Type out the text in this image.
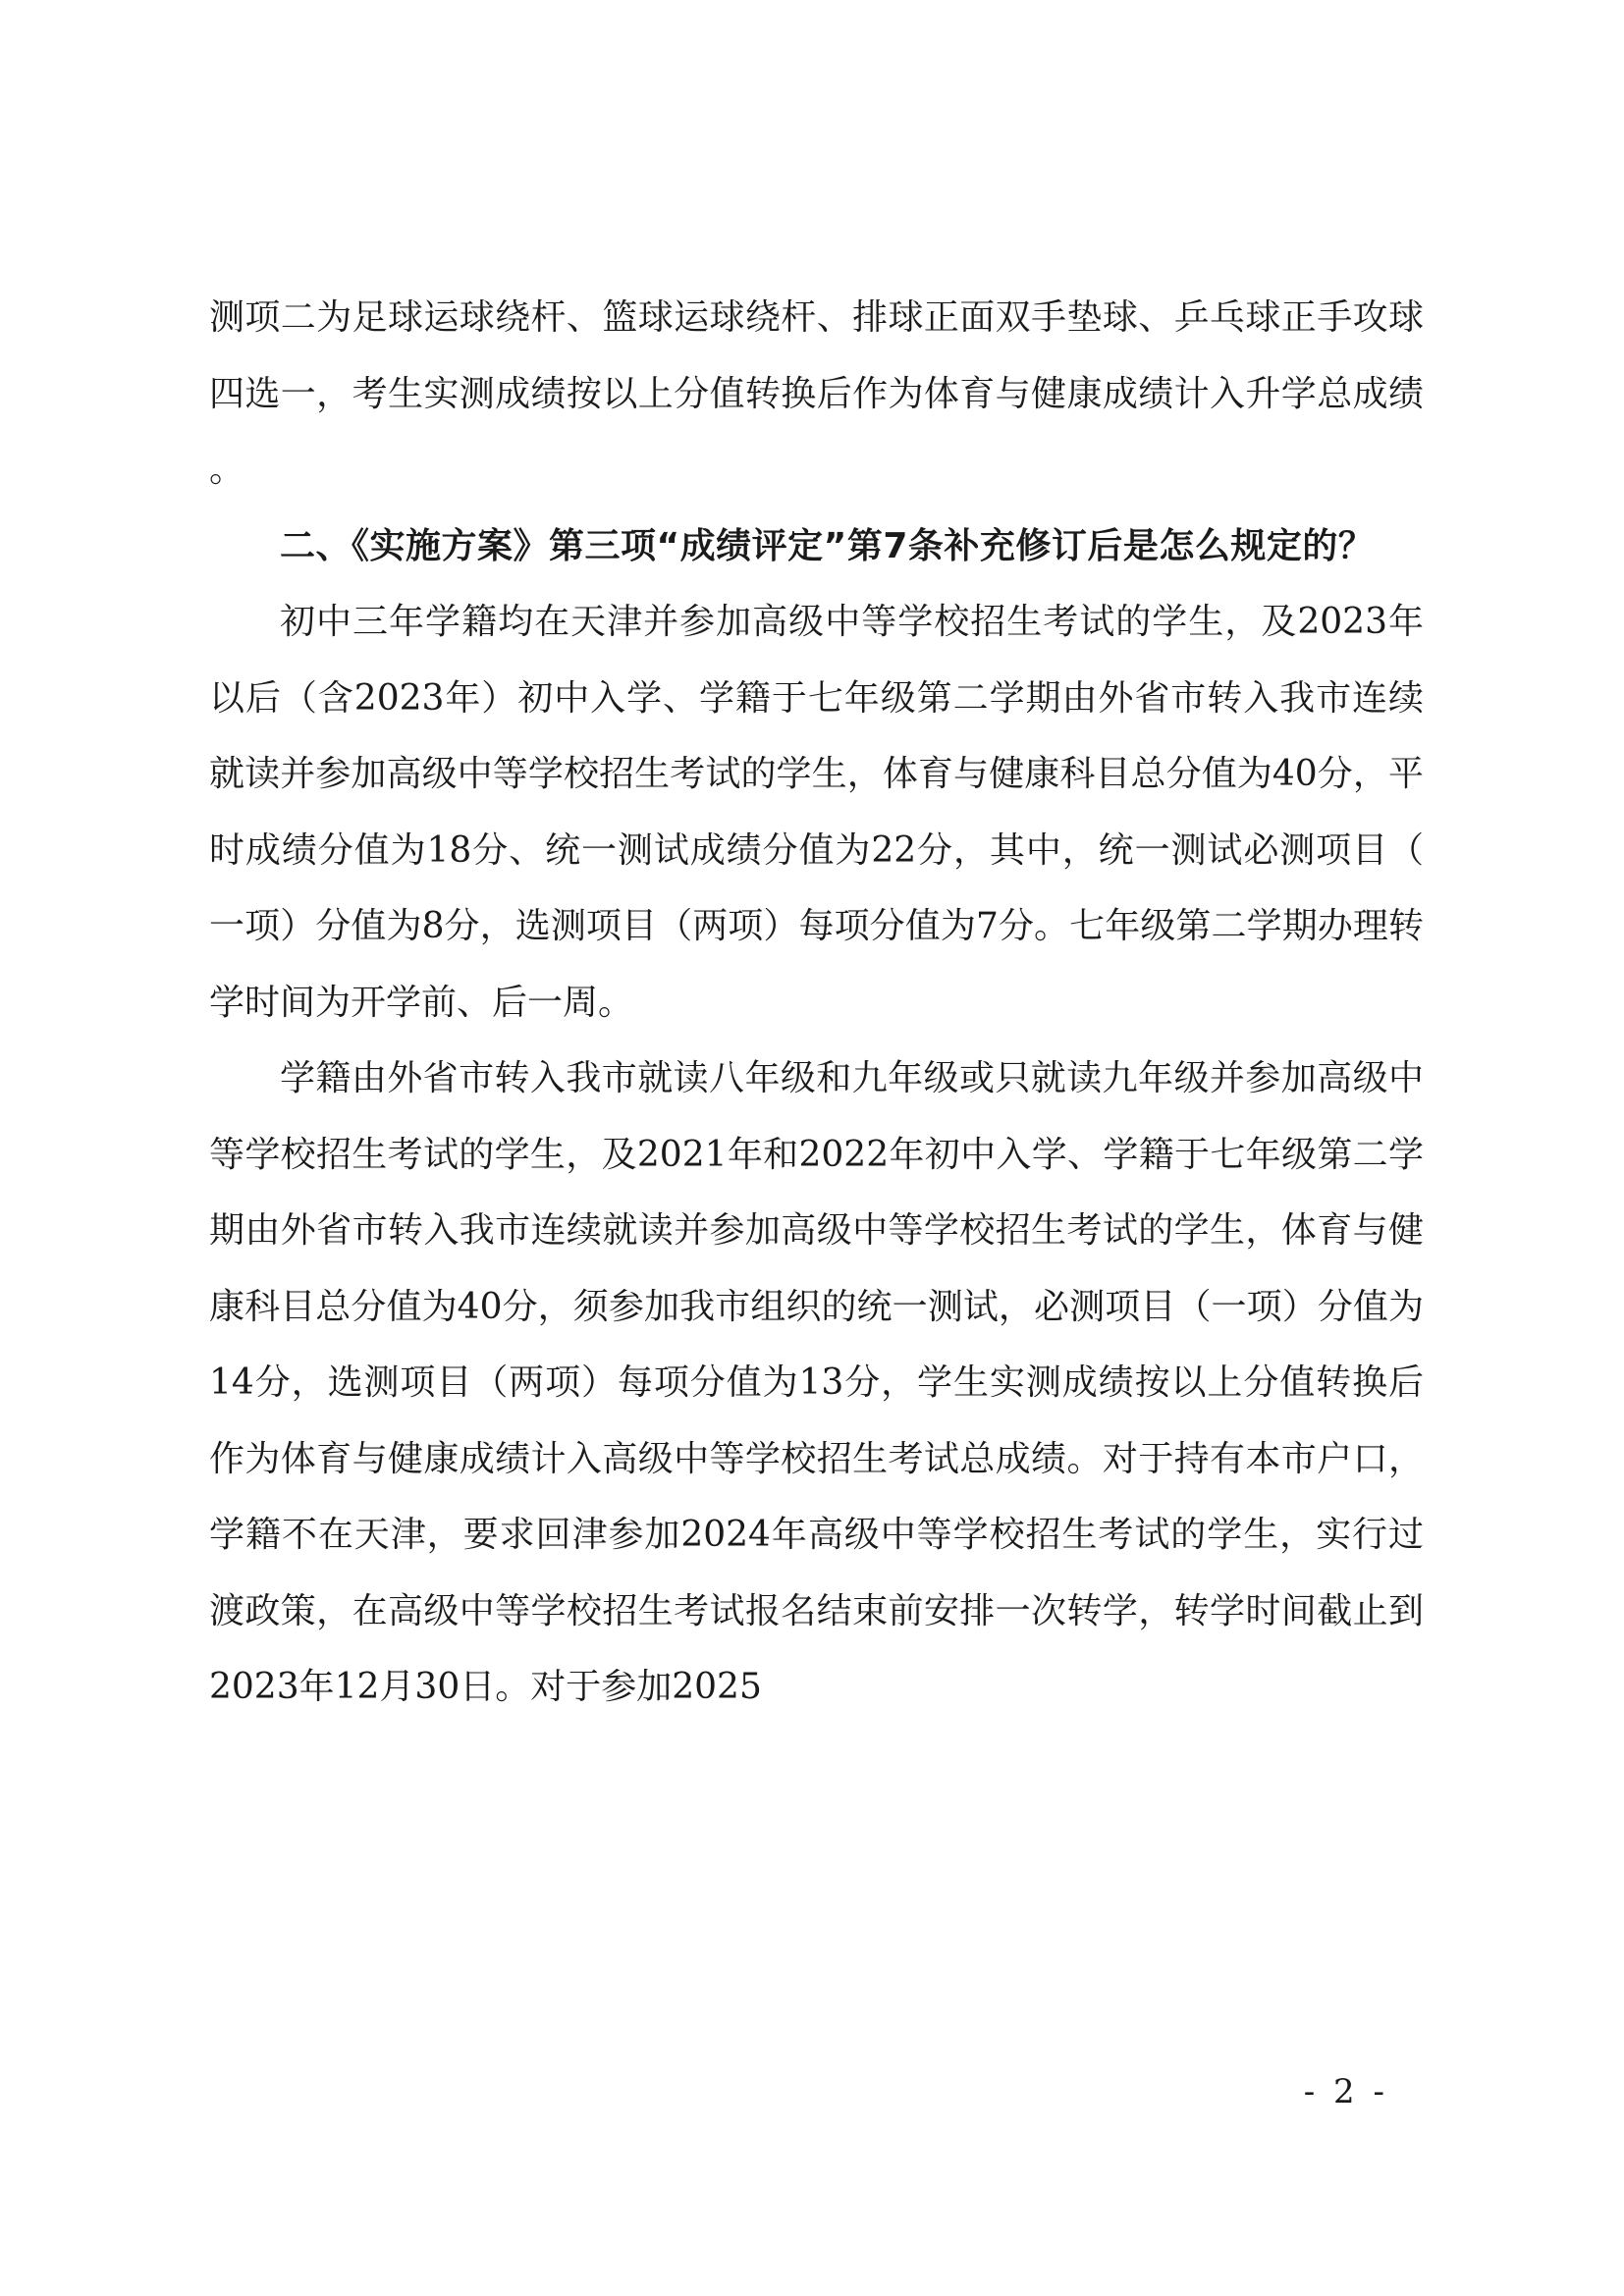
测项二为足球运球绕杆、篮球运球绕杆、排球正面双手垫球、乒乓球正手攻球四选一，考生实测成绩按以上分值转换后作为体育与健康成绩计入升学总成绩。

二、《实施方案》第三项“成绩评定”第7条补充修订后是怎么规定的？

初中三年学籍均在天津并参加高级中等学校招生考试的学生，及2023年以后（含2023年）初中入学、学籍于七年级第二学期由外省市转入我市连续就读并参加高级中等学校招生考试的学生，体育与健康科目总分值为40分，平时成绩分值为18分、统一测试成绩分值为22分，其中，统一测试必测项目（一项）分值为8分，选测项目（两项）每项分值为7分。七年级第二学期办理转学时间为开学前、后一周。

学籍由外省市转入我市就读八年级和九年级或只就读九年级并参加高级中等学校招生考试的学生，及2021年和2022年初中入学、学籍于七年级第二学期由外省市转入我市连续就读并参加高级中等学校招生考试的学生，体育与健康科目总分值为40分，须参加我市组织的统一测试，必测项目（一项）分值为14分，选测项目（两项）每项分值为13分，学生实测成绩按以上分值转换后作为体育与健康成绩计入高级中等学校招生考试总成绩。对于持有本市户口，学籍不在天津，要求回津参加2024年高级中等学校招生考试的学生，实行过渡政策，在高级中等学校招生考试报名结束前安排一次转学，转学时间截止到2023年12月30日。对于参加2025

- 2 -
